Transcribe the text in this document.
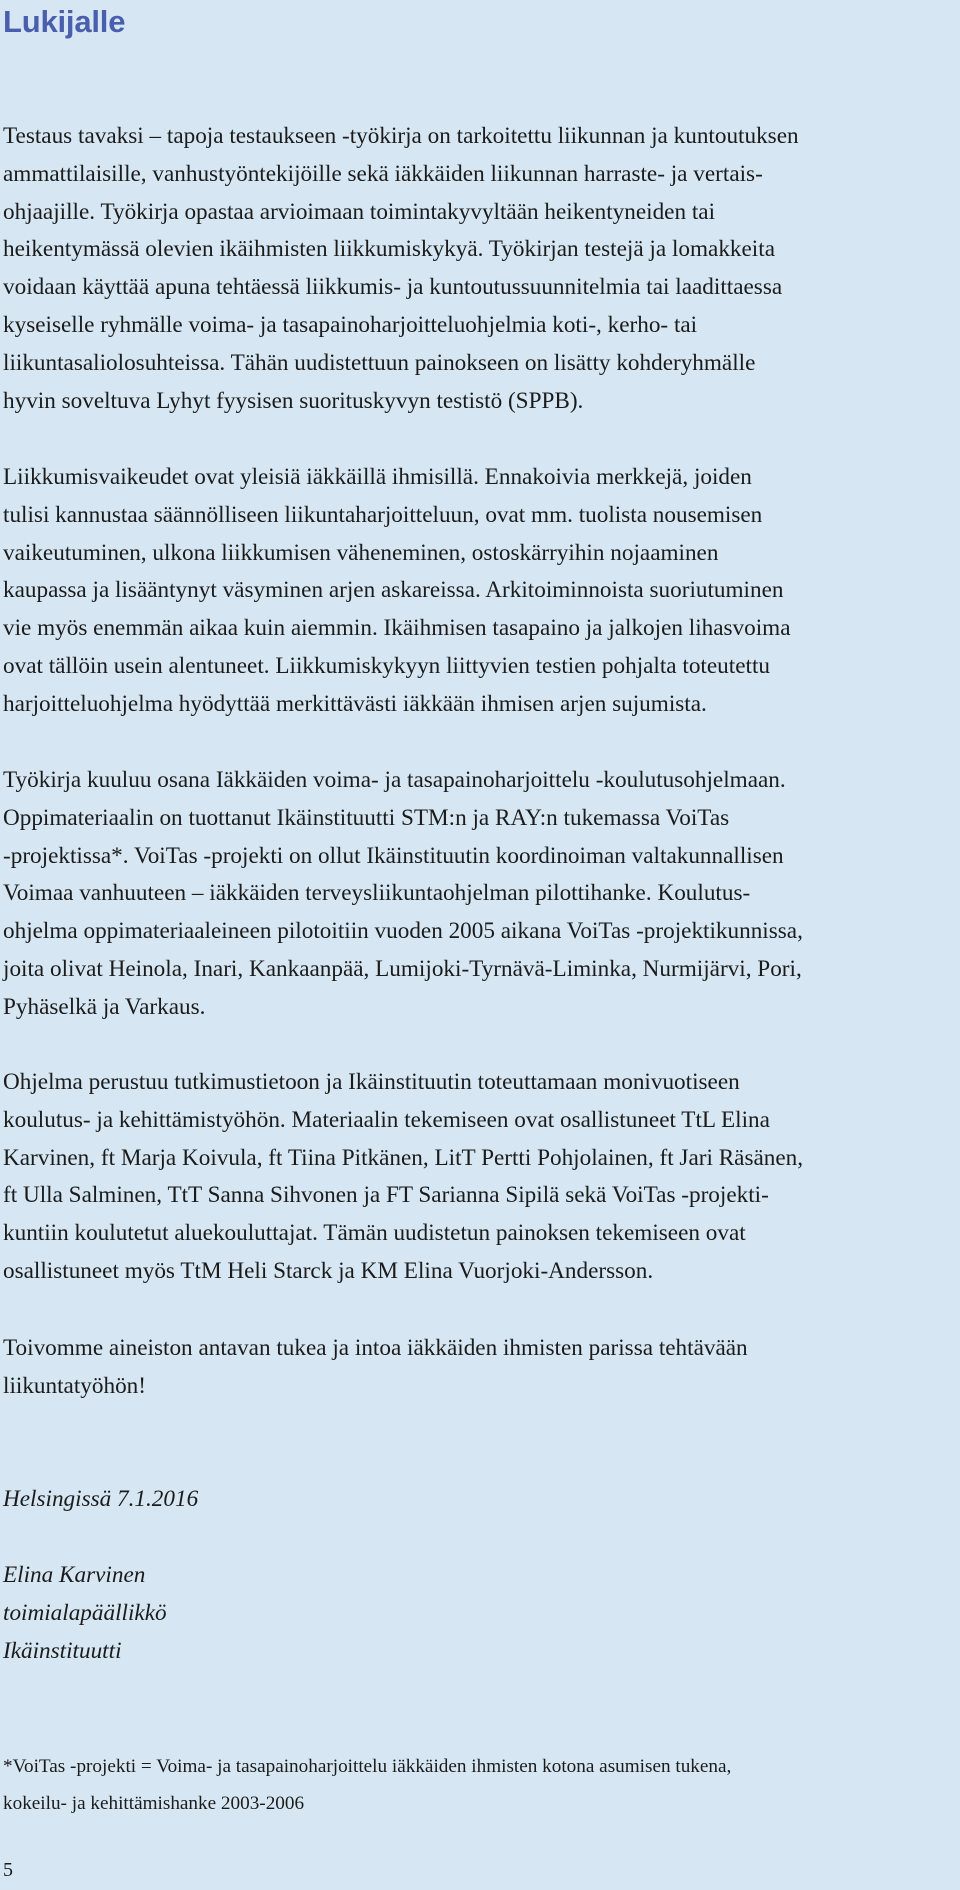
Lukijalle

Testaus tavaksi – tapoja testaukseen -työkirja on tarkoitettu liikunnan ja kuntoutuksen
ammattilaisille, vanhustyöntekijöille sekä iäkkäiden liikunnan harraste- ja vertais-
ohjaajille. Työkirja opastaa arvioimaan toimintakyvyltään heikentyneiden tai
heikentymässä olevien ikäihmisten liikkumiskykyä. Työkirjan testejä ja lomakkeita
voidaan käyttää apuna tehtäessä liikkumis- ja kuntoutussuunnitelmia tai laadittaessa
kyseiselle ryhmälle voima- ja tasapainoharjoitteluohjelmia koti-, kerho- tai
liikuntasaliolosuhteissa. Tähän uudistettuun painokseen on lisätty kohderyhmälle
hyvin soveltuva Lyhyt fyysisen suorituskyvyn testistö (SPPB).

Liikkumisvaikeudet ovat yleisiä iäkkäillä ihmisillä. Ennakoivia merkkejä, joiden
tulisi kannustaa säännölliseen liikuntaharjoitteluun, ovat mm. tuolista nousemisen
vaikeutuminen, ulkona liikkumisen väheneminen, ostoskärryihin nojaaminen
kaupassa ja lisääntynyt väsyminen arjen askareissa. Arkitoiminnoista suoriutuminen
vie myös enemmän aikaa kuin aiemmin. Ikäihmisen tasapaino ja jalkojen lihasvoima
ovat tällöin usein alentuneet. Liikkumiskykyyn liittyvien testien pohjalta toteutettu
harjoitteluohjelma hyödyttää merkittävästi iäkkään ihmisen arjen sujumista.

Työkirja kuuluu osana Iäkkäiden voima- ja tasapainoharjoittelu -koulutusohjelmaan.
Oppimateriaalin on tuottanut Ikäinstituutti STM:n ja RAY:n tukemassa VoiTas
-projektissa*. VoiTas -projekti on ollut Ikäinstituutin koordinoiman valtakunnallisen
Voimaa vanhuuteen – iäkkäiden terveysliikuntaohjelman pilottihanke. Koulutus-
ohjelma oppimateriaaleineen pilotoitiin vuoden 2005 aikana VoiTas -projektikunnissa,
joita olivat Heinola, Inari, Kankaanpää, Lumijoki-Tyrnävä-Liminka, Nurmijärvi, Pori,
Pyhäselkä ja Varkaus.

Ohjelma perustuu tutkimustietoon ja Ikäinstituutin toteuttamaan monivuotiseen
koulutus- ja kehittämistyöhön. Materiaalin tekemiseen ovat osallistuneet TtL Elina
Karvinen, ft Marja Koivula, ft Tiina Pitkänen, LitT Pertti Pohjolainen, ft Jari Räsänen,
ft Ulla Salminen, TtT Sanna Sihvonen ja FT Sarianna Sipilä sekä VoiTas -projekti-
kuntiin koulutetut aluekouluttajat. Tämän uudistetun painoksen tekemiseen ovat
osallistuneet myös TtM Heli Starck ja KM Elina Vuorjoki-Andersson.

Toivomme aineiston antavan tukea ja intoa iäkkäiden ihmisten parissa tehtävään
liikuntatyöhön!

Helsingissä 7.1.2016

Elina Karvinen
toimialapäällikkö
Ikäinstituutti

*VoiTas -projekti = Voima- ja tasapainoharjoittelu iäkkäiden ihmisten kotona asumisen tukena,
kokeilu- ja kehittämishanke 2003-2006

5
